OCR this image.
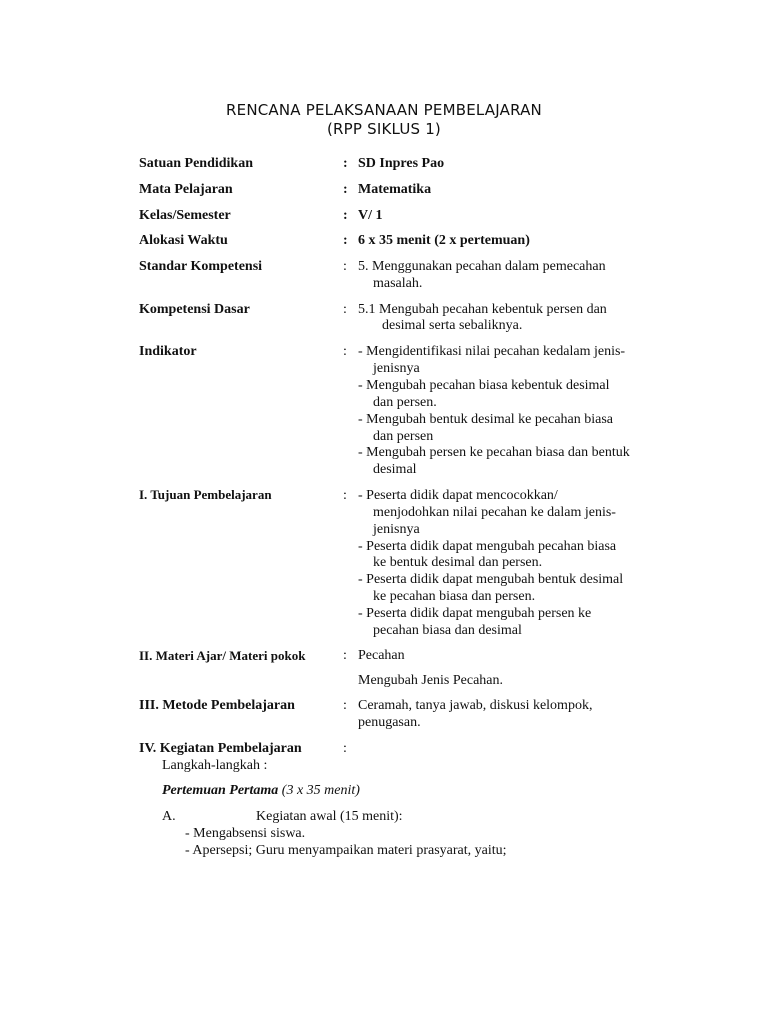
RENCANA PELAKSANAAN PEMBELAJARAN
(RPP SIKLUS 1)
Satuan Pendidikan	: SD Inpres Pao
Mata Pelajaran	: Matematika
Kelas/Semester	: V/ 1
Alokasi Waktu	: 6 x 35 menit (2 x pertemuan)
Standar Kompetensi	: 5. Menggunakan pecahan dalam pemecahan
masalah.
Kompetensi Dasar	: 5.1 Mengubah pecahan kebentuk persen dan
desimal serta sebaliknya.
Indikator	: - Mengidentifikasi nilai pecahan kedalam jenis-
jenisnya
- Mengubah pecahan biasa kebentuk desimal
dan persen.
- Mengubah bentuk desimal ke pecahan biasa
dan persen
- Mengubah persen ke pecahan biasa dan bentuk
desimal
I. Tujuan Pembelajaran	: - Peserta didik dapat mencocokkan/
menjodohkan nilai pecahan ke dalam jenis-
jenisnya
- Peserta didik dapat mengubah pecahan biasa
ke bentuk desimal dan persen.
- Peserta didik dapat mengubah bentuk desimal
ke pecahan biasa dan persen.
- Peserta didik dapat mengubah persen ke
pecahan biasa dan desimal
II. Materi Ajar/ Materi pokok	: Pecahan
Mengubah Jenis Pecahan.
III. Metode Pembelajaran	: Ceramah, tanya jawab, diskusi kelompok,
penugasan.
IV. Kegiatan Pembelajaran	:
Langkah-langkah :
Pertemuan Pertama (3 x 35 menit)
A.	Kegiatan awal (15 menit):
- Mengabsensi siswa.
- Apersepsi; Guru menyampaikan materi prasyarat, yaitu;
